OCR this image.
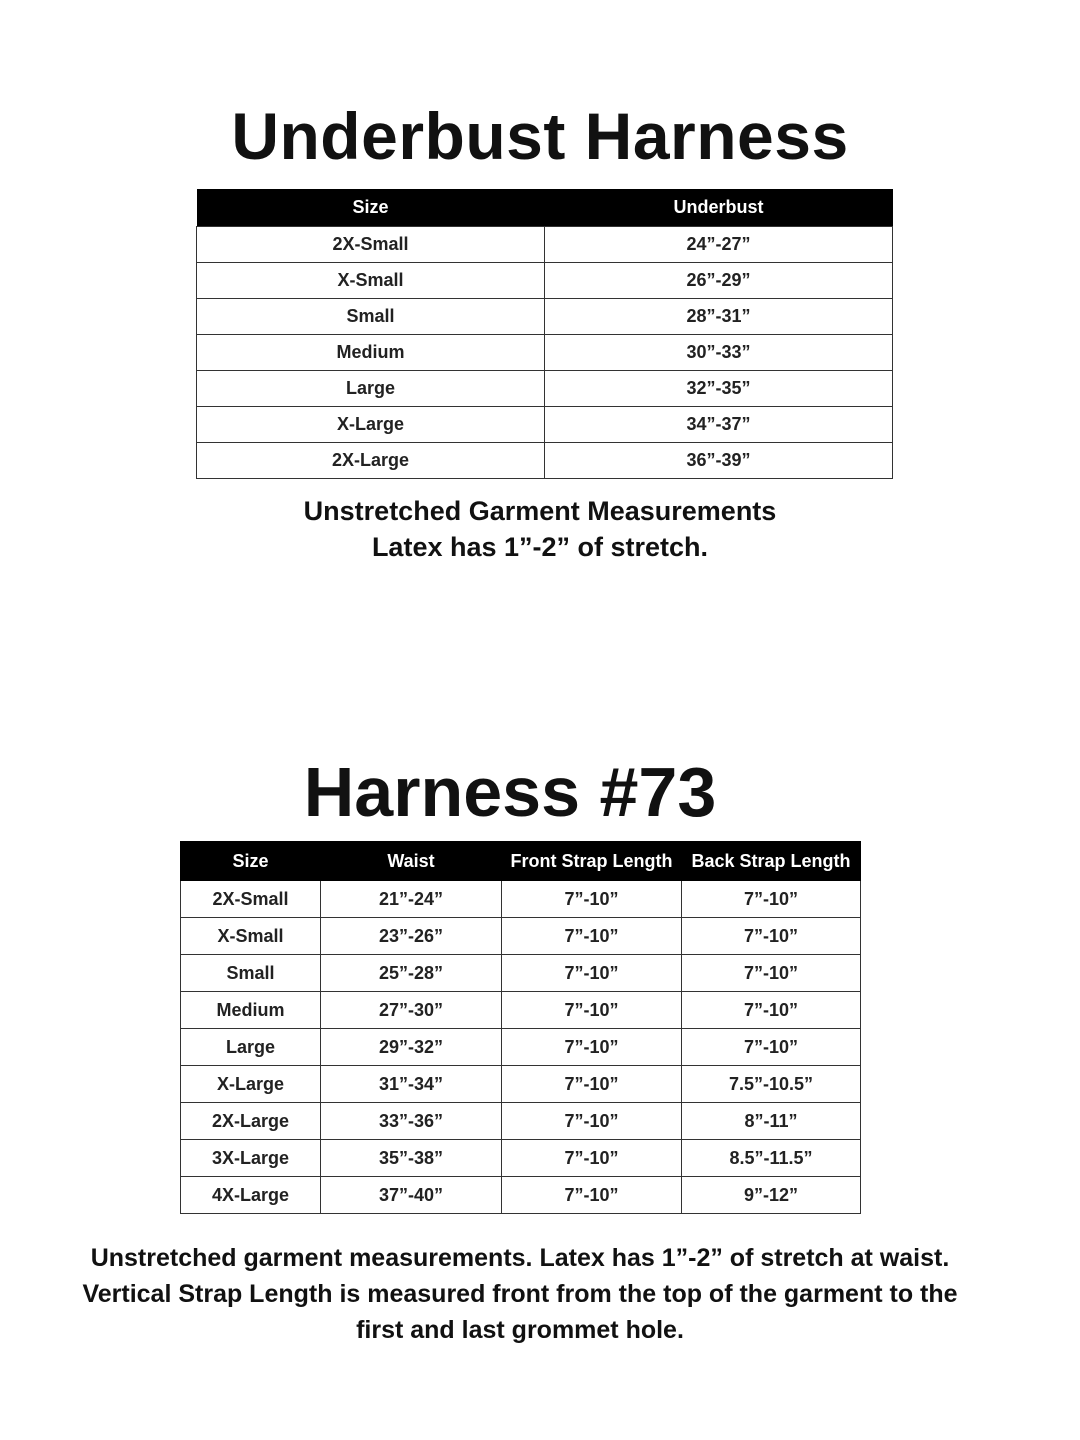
Underbust Harness
Size	Underbust
2X-Small	24”-27”
X-Small	26”-29”
Small	28”-31”
Medium	30”-33”
Large	32”-35”
X-Large	34”-37”
2X-Large	36”-39”
Unstretched Garment Measurements
Latex has 1”-2” of stretch.
Harness #73
Size	Waist	Front Strap Length	Back Strap Length
2X-Small	21”-24”	7”-10”	7”-10”
X-Small	23”-26”	7”-10”	7”-10”
Small	25”-28”	7”-10”	7”-10”
Medium	27”-30”	7”-10”	7”-10”
Large	29”-32”	7”-10”	7”-10”
X-Large	31”-34”	7”-10”	7.5”-10.5”
2X-Large	33”-36”	7”-10”	8”-11”
3X-Large	35”-38”	7”-10”	8.5”-11.5”
4X-Large	37”-40”	7”-10”	9”-12”
Unstretched garment measurements. Latex has 1”-2” of stretch at waist.
Vertical Strap Length is measured front from the top of the garment to the
first and last grommet hole.
